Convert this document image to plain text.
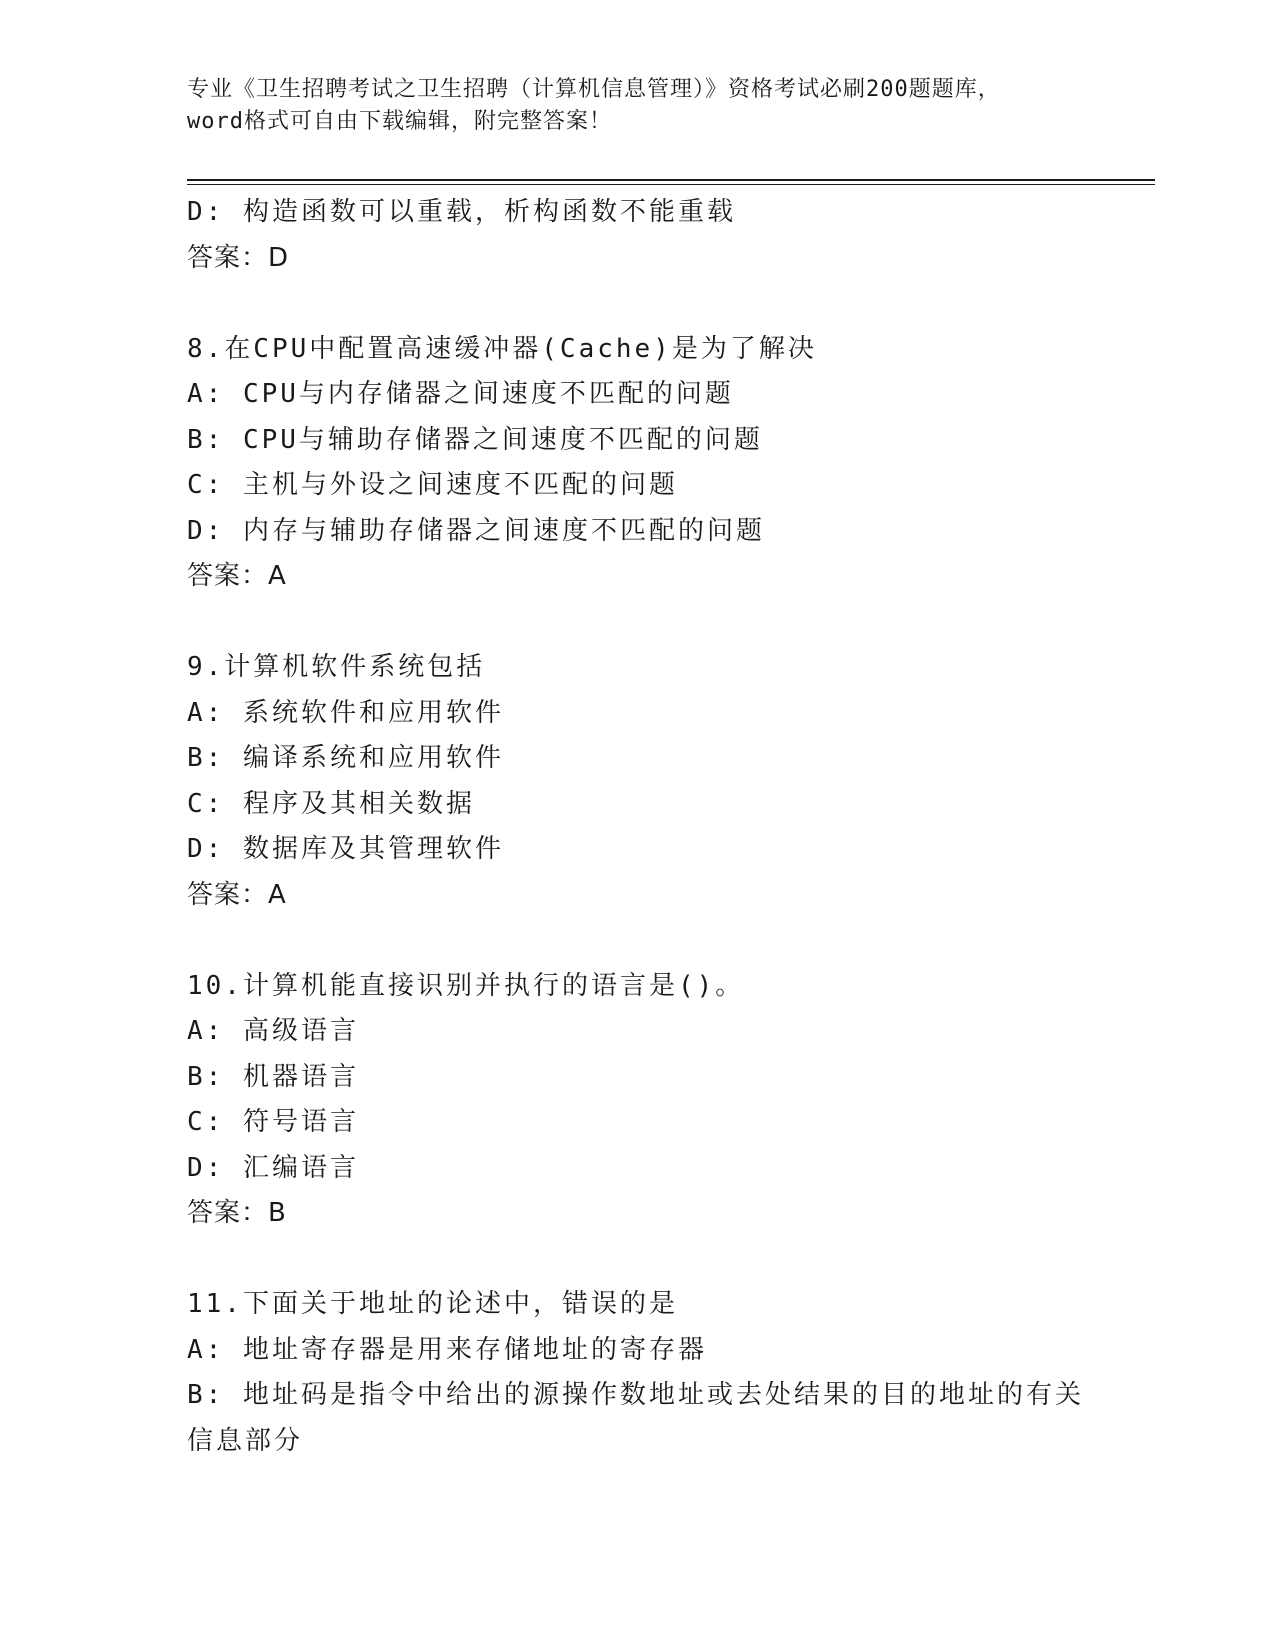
专业《卫生招聘考试之卫生招聘（计算机信息管理）》资格考试必刷200题题库，
word格式可自由下载编辑，附完整答案！
D: 构造函数可以重载，析构函数不能重载
答案：D
8.在CPU中配置高速缓冲器(Cache)是为了解决
A: CPU与内存储器之间速度不匹配的问题
B: CPU与辅助存储器之间速度不匹配的问题
C: 主机与外设之间速度不匹配的问题
D: 内存与辅助存储器之间速度不匹配的问题
答案：A
9.计算机软件系统包括
A: 系统软件和应用软件
B: 编译系统和应用软件
C: 程序及其相关数据
D: 数据库及其管理软件
答案：A
10.计算机能直接识别并执行的语言是()。
A: 高级语言
B: 机器语言
C: 符号语言
D: 汇编语言
答案：B
11.下面关于地址的论述中，错误的是
A: 地址寄存器是用来存储地址的寄存器
B: 地址码是指令中给出的源操作数地址或去处结果的目的地址的有关信息部分
